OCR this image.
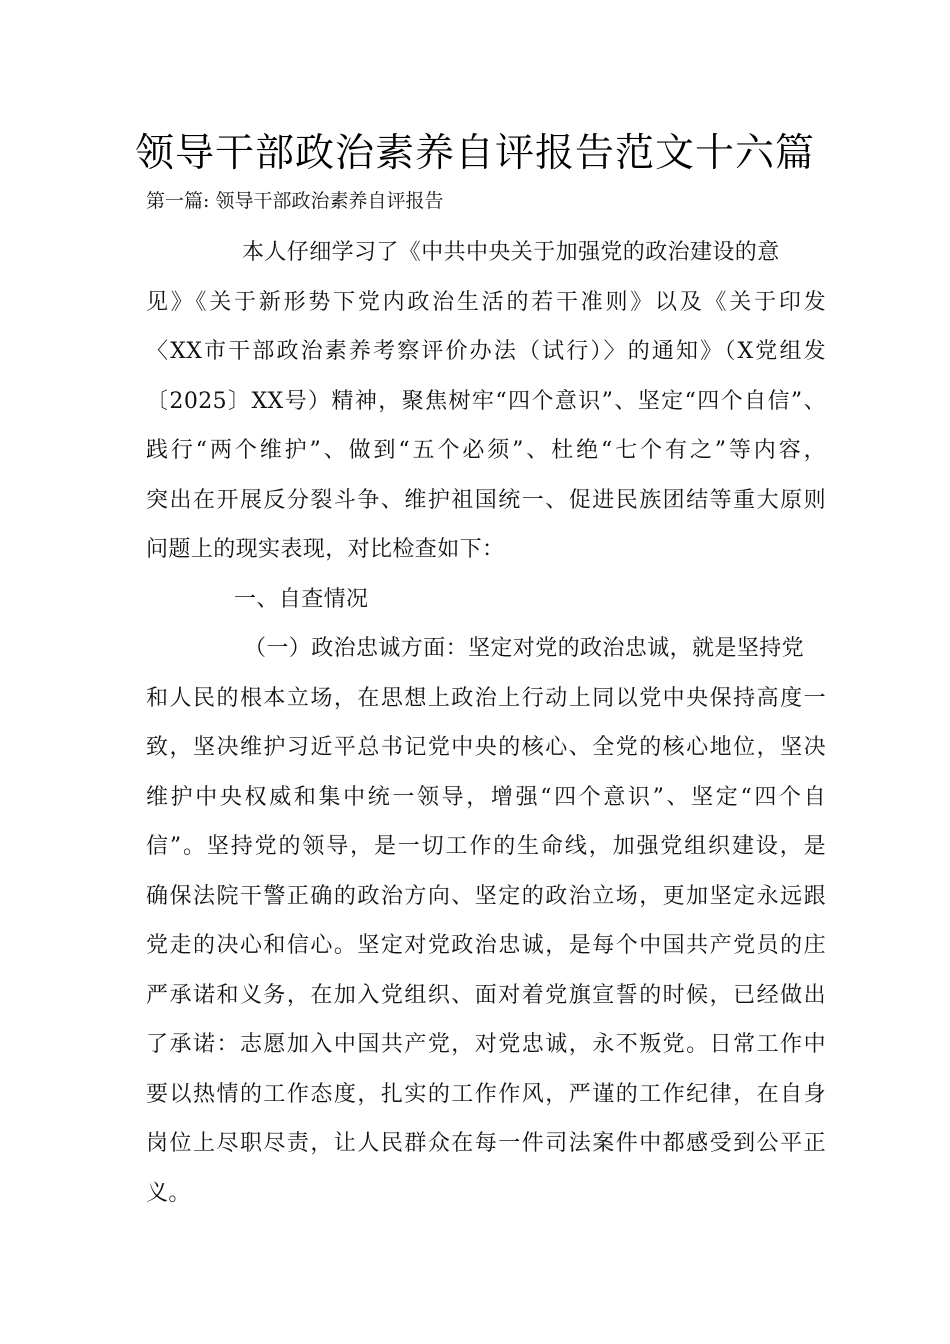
领导干部政治素养自评报告范文十六篇
第一篇: 领导干部政治素养自评报告
本人仔细学习了《中共中央关于加强党的政治建设的意
见》《关于新形势下党内政治生活的若干准则》以及《关于印发
〈XX市干部政治素养考察评价办法（试行）〉的通知》（X党组发
〔2025〕XX号）精神，聚焦树牢“四个意识”、坚定“四个自信”、
践行“两个维护”、做到“五个必须”、杜绝“七个有之”等内容，
突出在开展反分裂斗争、维护祖国统一、促进民族团结等重大原则
问题上的现实表现，对比检查如下：
一、自查情况
（一）政治忠诚方面：坚定对党的政治忠诚，就是坚持党
和人民的根本立场，在思想上政治上行动上同以党中央保持高度一
致，坚决维护习近平总书记党中央的核心、全党的核心地位，坚决
维护中央权威和集中统一领导，增强“四个意识”、坚定“四个自
信”。坚持党的领导，是一切工作的生命线，加强党组织建设，是
确保法院干警正确的政治方向、坚定的政治立场，更加坚定永远跟
党走的决心和信心。坚定对党政治忠诚，是每个中国共产党员的庄
严承诺和义务，在加入党组织、面对着党旗宣誓的时候，已经做出
了承诺：志愿加入中国共产党，对党忠诚，永不叛党。日常工作中
要以热情的工作态度，扎实的工作作风，严谨的工作纪律，在自身
岗位上尽职尽责，让人民群众在每一件司法案件中都感受到公平正
义。
